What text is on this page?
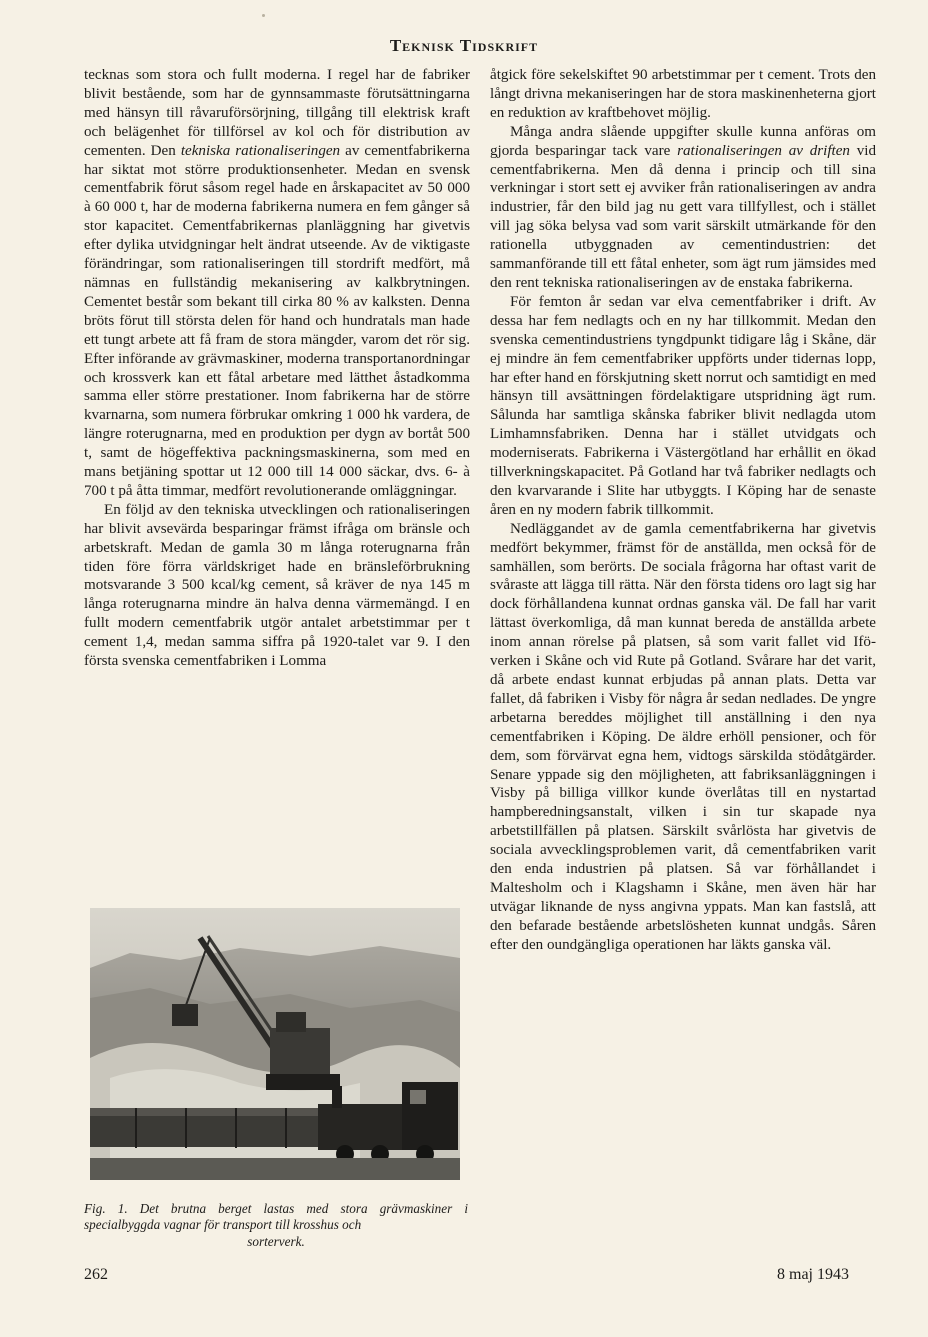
Teknisk Tidskrift

tecknas som stora och fullt moderna. I regel har de fabriker blivit bestående, som har de gynnsammaste förutsättningarna med hänsyn till råvaruförsörjning, tillgång till elektrisk kraft och belägenhet för tillförsel av kol och för distribution av cementen. Den tekniska rationaliseringen av cementfabrikerna har siktat mot större produktionsenheter. Medan en svensk cementfabrik förut såsom regel hade en årskapacitet av 50 000 à 60 000 t, har de moderna fabrikerna numera en fem gånger så stor kapacitet. Cementfabrikernas planläggning har givetvis efter dylika utvidgningar helt ändrat utseende. Av de viktigaste förändringar, som rationaliseringen till stordrift medfört, må nämnas en fullständig mekanisering av kalkbrytningen. Cementet består som bekant till cirka 80 % av kalksten. Denna bröts förut till största delen för hand och hundratals man hade ett tungt arbete att få fram de stora mängder, varom det rör sig. Efter införande av grävmaskiner, moderna transportanordningar och krossverk kan ett fåtal arbetare med lätthet åstadkomma samma eller större prestationer. Inom fabrikerna har de större kvarnarna, som numera förbrukar omkring 1 000 hk vardera, de längre roterugnarna, med en produktion per dygn av bortåt 500 t, samt de högeffektiva packningsmaskinerna, som med en mans betjäning spottar ut 12 000 till 14 000 säckar, dvs. 6- à 700 t på åtta timmar, medfört revolutionerande omläggningar.

En följd av den tekniska utvecklingen och rationaliseringen har blivit avsevärda besparingar främst ifråga om bränsle och arbetskraft. Medan de gamla 30 m långa roterugnarna från tiden före förra världskriget hade en bränsleförbrukning motsvarande 3 500 kcal/kg cement, så kräver de nya 145 m långa roterugnarna mindre än halva denna värmemängd. I en fullt modern cementfabrik utgör antalet arbetstimmar per t cement 1,4, medan samma siffra på 1920-talet var 9. I den första svenska cementfabriken i Lomma

åtgick före sekelskiftet 90 arbetstimmar per t cement. Trots den långt drivna mekaniseringen har de stora maskinenheterna gjort en reduktion av kraftbehovet möjlig.

Många andra slående uppgifter skulle kunna anföras om gjorda besparingar tack vare rationaliseringen av driften vid cementfabrikerna. Men då denna i princip och till sina verkningar i stort sett ej avviker från rationaliseringen av andra industrier, får den bild jag nu gett vara tillfyllest, och i stället vill jag söka belysa vad som varit särskilt utmärkande för den rationella utbyggnaden av cementindustrien: det sammanförande till ett fåtal enheter, som ägt rum jämsides med den rent tekniska rationaliseringen av de enstaka fabrikerna.

För femton år sedan var elva cementfabriker i drift. Av dessa har fem nedlagts och en ny har tillkommit. Medan den svenska cementindustriens tyngdpunkt tidigare låg i Skåne, där ej mindre än fem cementfabriker uppförts under tidernas lopp, har efter hand en förskjutning skett norrut och samtidigt en med hänsyn till avsättningen fördelaktigare utspridning ägt rum. Sålunda har samtliga skånska fabriker blivit nedlagda utom Limhamnsfabriken. Denna har i stället utvidgats och moderniserats. Fabrikerna i Västergötland har erhållit en ökad tillverkningskapacitet. På Gotland har två fabriker nedlagts och den kvarvarande i Slite har utbyggts. I Köping har de senaste åren en ny modern fabrik tillkommit.

Nedläggandet av de gamla cementfabrikerna har givetvis medfört bekymmer, främst för de anställda, men också för de samhällen, som berörts. De sociala frågorna har oftast varit de svåraste att lägga till rätta. När den första tidens oro lagt sig har dock förhållandena kunnat ordnas ganska väl. De fall har varit lättast överkomliga, då man kunnat bereda de anställda arbete inom annan rörelse på platsen, så som varit fallet vid Ifö-verken i Skåne och vid Rute på Gotland. Svårare har det varit, då arbete endast kunnat erbjudas på annan plats. Detta var fallet, då fabriken i Visby för några år sedan nedlades. De yngre arbetarna bereddes möjlighet till anställning i den nya cementfabriken i Köping. De äldre erhöll pensioner, och för dem, som förvärvat egna hem, vidtogs särskilda stödåtgärder. Senare yppade sig den möjligheten, att fabriksanläggningen i Visby på billiga villkor kunde överlåtas till en nystartad hampberedningsanstalt, vilken i sin tur skapade nya arbetstillfällen på platsen. Särskilt svårlösta har givetvis de sociala avvecklingsproblemen varit, då cementfabriken varit den enda industrien på platsen. Så var förhållandet i Maltesholm och i Klagshamn i Skåne, men även här har utvägar liknande de nyss angivna yppats. Man kan fastslå, att den befarade bestående arbetslösheten kunnat undgås. Såren efter den oundgängliga operationen har läkts ganska väl.

Fig. 1. Det brutna berget lastas med stora grävmaskiner i specialbyggda vagnar för transport till krosshus och
sorterverk.
262	8 maj 1943
